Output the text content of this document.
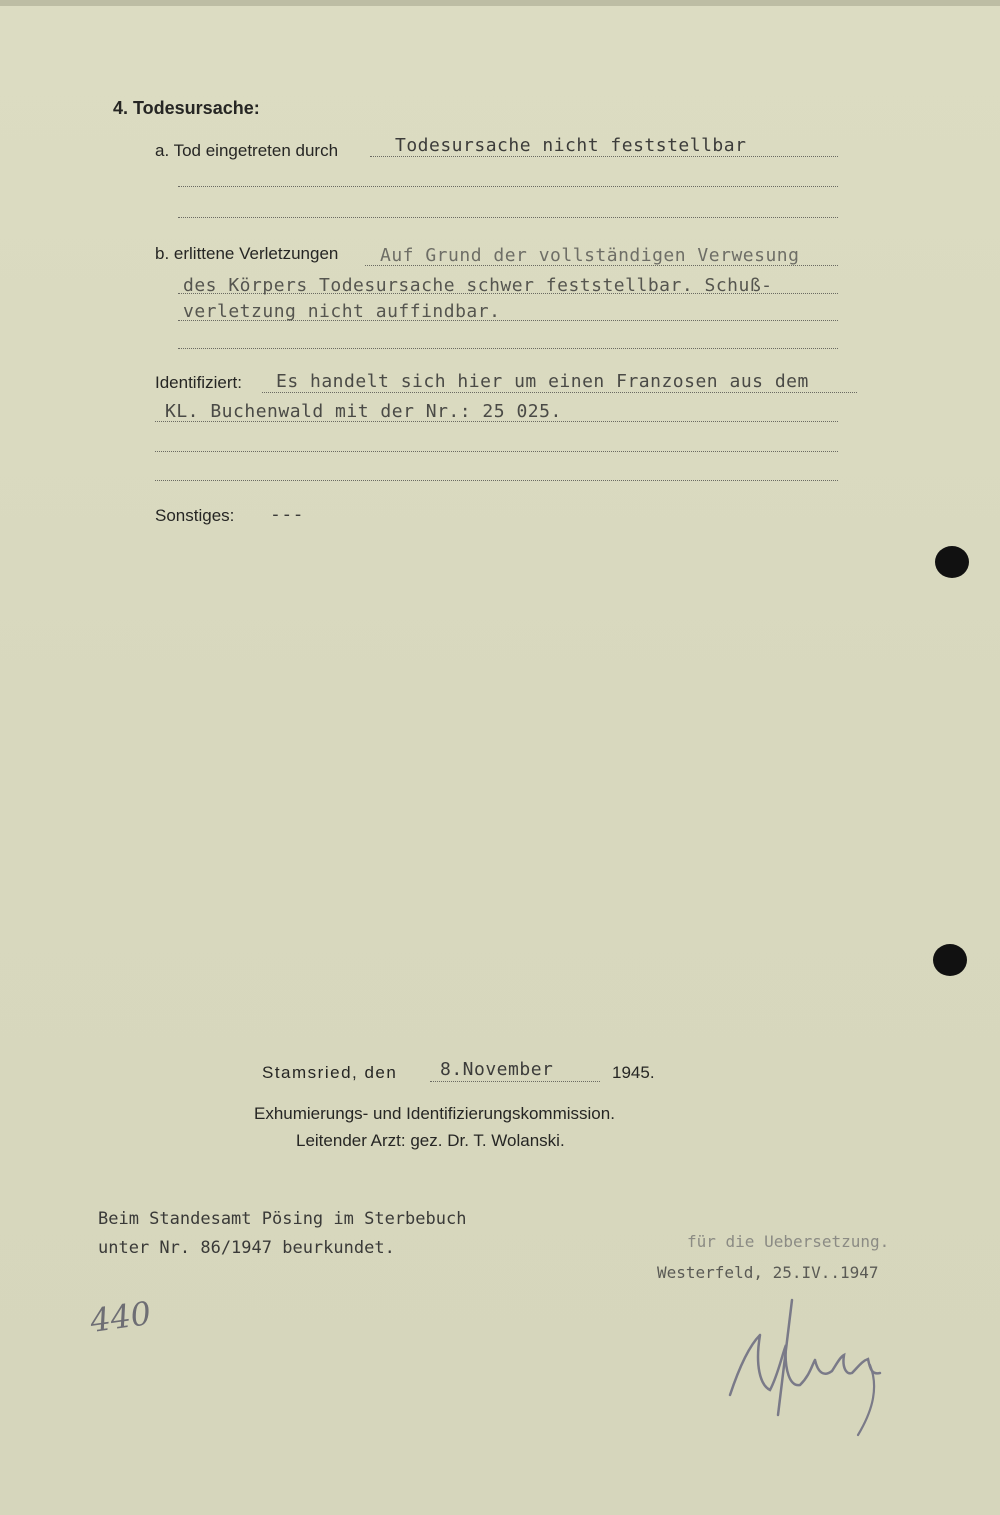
4. Todesursache:
a. Tod eingetreten durch	Todesursache nicht feststellbar
b. erlittene Verletzungen Auf Grund der vollständigen Verwesung
des Körpers Todesursache schwer feststellbar. Schuß-
verletzung nicht auffindbar.
Identifiziert: Es handelt sich hier um einen Franzosen aus dem
KL. Buchenwald mit der Nr.: 25 025.
Sonstiges: ---
Stamsried, den 8.November	1945.
Exhumierungs- und Identifizierungskommission.
Leitender Arzt: gez. Dr. T. Wolanski.
Beim Standesamt Pösing im Sterbebuch
unter Nr. 86/1947 beurkundet.	für die Uebersetzung.
Westerfeld, 25.IV..1947
440
